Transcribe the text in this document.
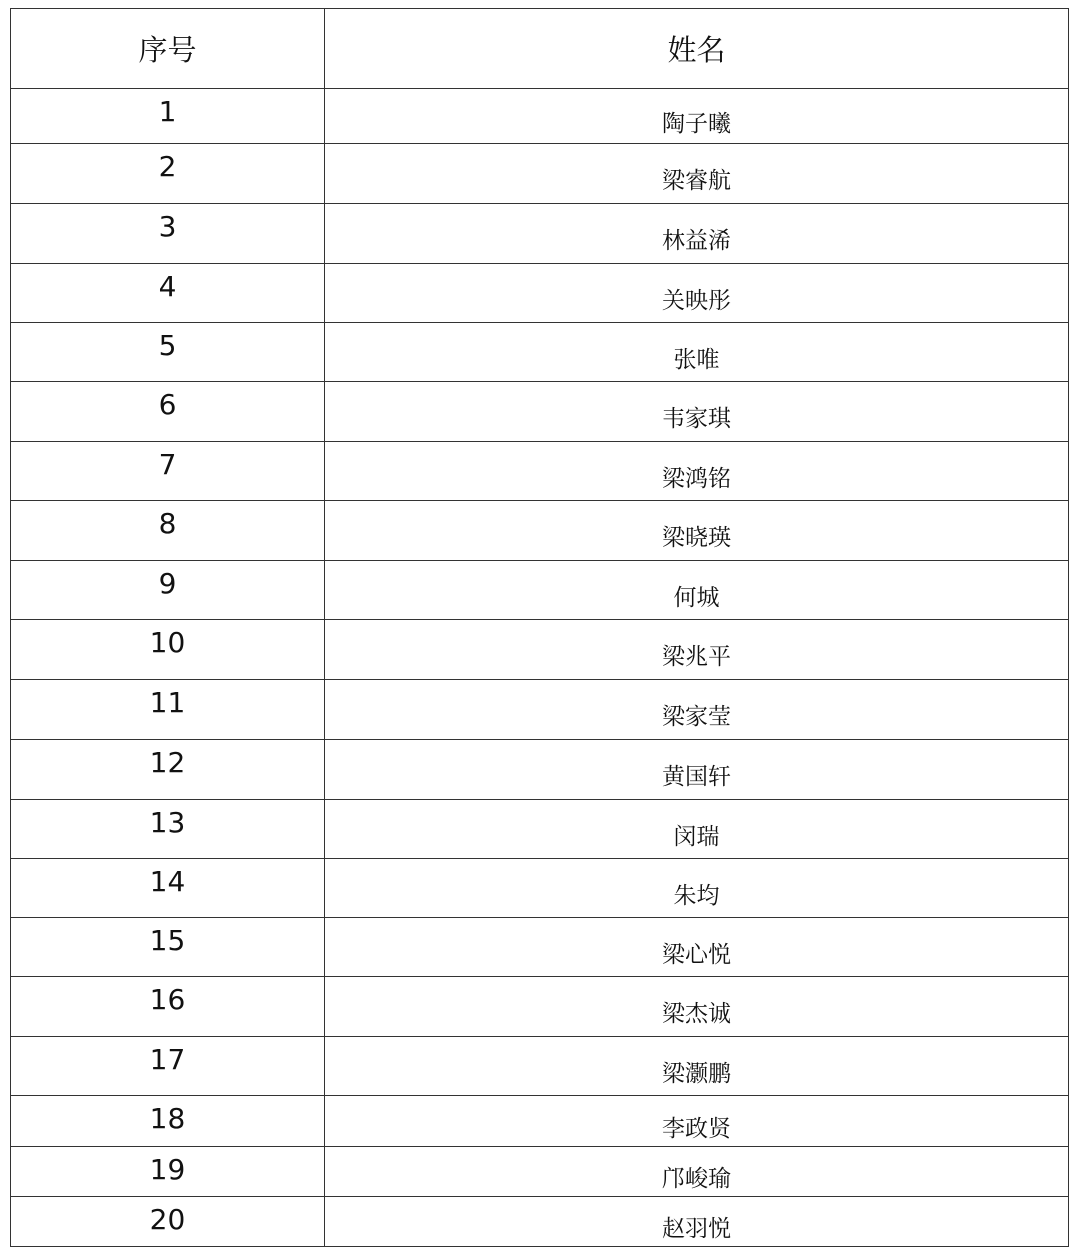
序号	姓名
1	陶子曦
2	梁睿航
3	林益浠
4	关映彤
5	张唯
6	韦家琪
7	梁鸿铭
8	梁晓瑛
9	何城
10	梁兆平
11	梁家莹
12	黄国轩
13	闵瑞
14	朱均
15	梁心悦
16	梁杰诚
17	梁灏鹏
18	李政贤
19	邝峻瑜
20	赵羽悦
